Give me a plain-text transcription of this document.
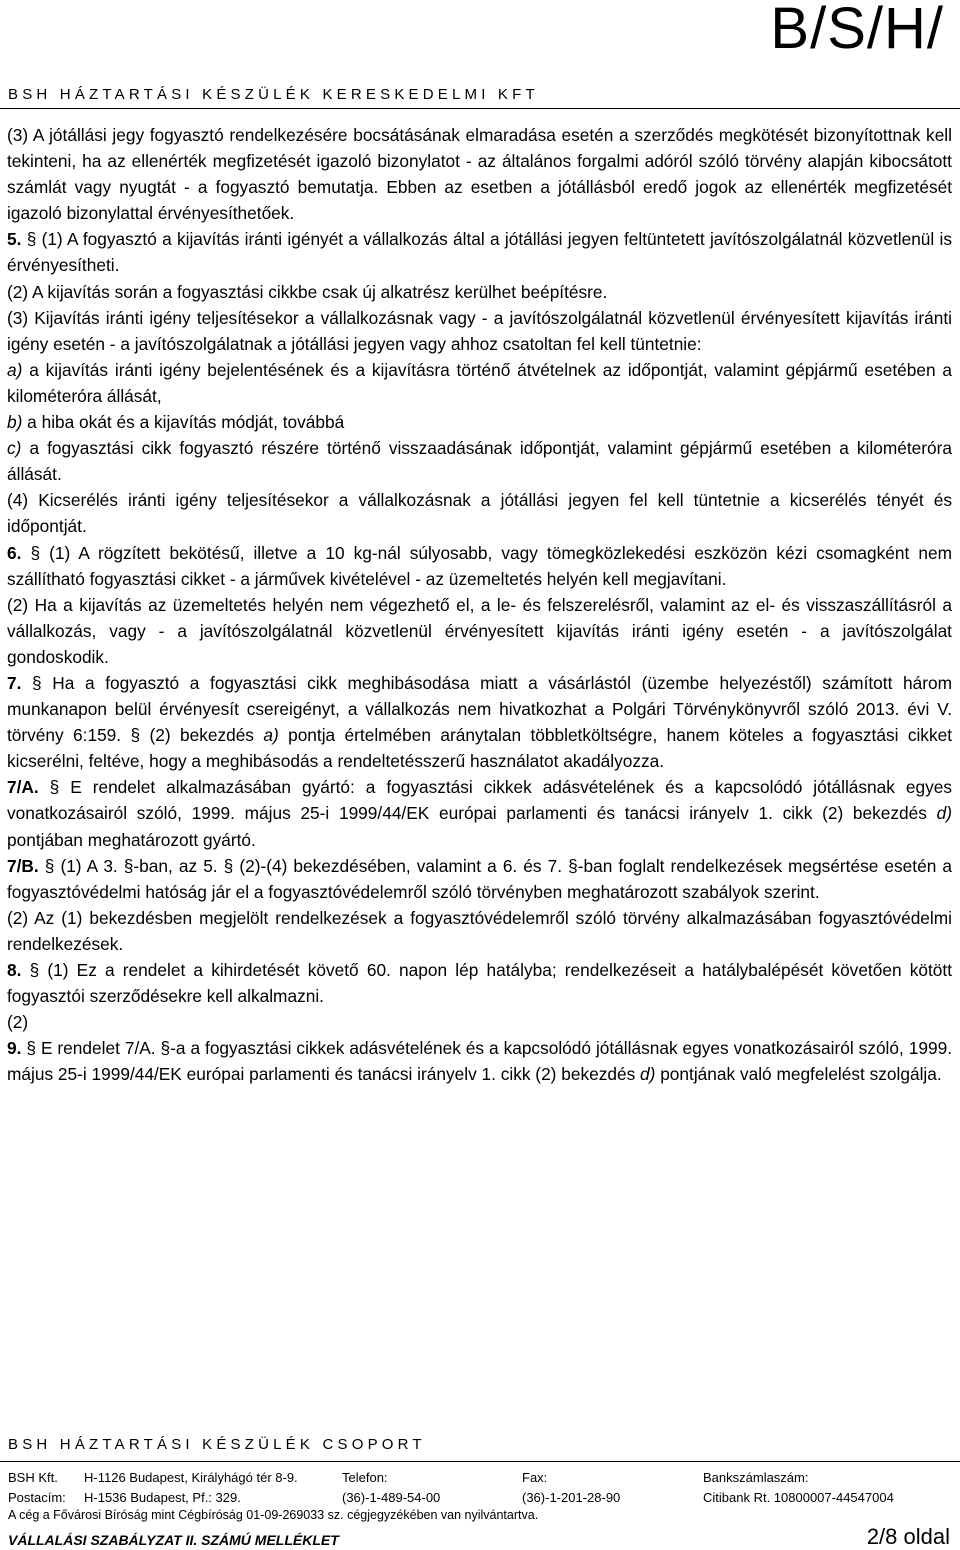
B/S/H/
BSH HÁZTARTÁSI KÉSZÜLÉK KERESKEDELMI KFT

(3) A jótállási jegy fogyasztó rendelkezésére bocsátásának elmaradása esetén a szerződés megkötését bizonyítottnak kell tekinteni, ha az ellenérték megfizetését igazoló bizonylatot - az általános forgalmi adóról szóló törvény alapján kibocsátott számlát vagy nyugtát - a fogyasztó bemutatja. Ebben az esetben a jótállásból eredő jogok az ellenérték megfizetését igazoló bizonylattal érvényesíthetőek.

5. § (1) A fogyasztó a kijavítás iránti igényét a vállalkozás által a jótállási jegyen feltüntetett javítószolgálatnál közvetlenül is érvényesítheti.

(2) A kijavítás során a fogyasztási cikkbe csak új alkatrész kerülhet beépítésre.

(3) Kijavítás iránti igény teljesítésekor a vállalkozásnak vagy - a javítószolgálatnál közvetlenül érvényesített kijavítás iránti igény esetén - a javítószolgálatnak a jótállási jegyen vagy ahhoz csatoltan fel kell tüntetnie:

a) a kijavítás iránti igény bejelentésének és a kijavításra történő átvételnek az időpontját, valamint gépjármű esetében a kilométeróra állását,

b) a hiba okát és a kijavítás módját, továbbá

c) a fogyasztási cikk fogyasztó részére történő visszaadásának időpontját, valamint gépjármű esetében a kilométeróra állását.

(4) Kicserélés iránti igény teljesítésekor a vállalkozásnak a jótállási jegyen fel kell tüntetnie a kicserélés tényét és időpontját.

6. § (1) A rögzített bekötésű, illetve a 10 kg-nál súlyosabb, vagy tömegközlekedési eszközön kézi csomagként nem szállítható fogyasztási cikket - a járművek kivételével - az üzemeltetés helyén kell megjavítani.

(2) Ha a kijavítás az üzemeltetés helyén nem végezhető el, a le- és felszerelésről, valamint az el- és visszaszállításról a vállalkozás, vagy - a javítószolgálatnál közvetlenül érvényesített kijavítás iránti igény esetén - a javítószolgálat gondoskodik.

7. § Ha a fogyasztó a fogyasztási cikk meghibásodása miatt a vásárlástól (üzembe helyezéstől) számított három munkanapon belül érvényesít csereigényt, a vállalkozás nem hivatkozhat a Polgári Törvénykönyvről szóló 2013. évi V. törvény 6:159. § (2) bekezdés a) pontja értelmében aránytalan többletköltségre, hanem köteles a fogyasztási cikket kicserélni, feltéve, hogy a meghibásodás a rendeltetésszerű használatot akadályozza.

7/A. § E rendelet alkalmazásában gyártó: a fogyasztási cikkek adásvételének és a kapcsolódó jótállásnak egyes vonatkozásairól szóló, 1999. május 25-i 1999/44/EK európai parlamenti és tanácsi irányelv 1. cikk (2) bekezdés d) pontjában meghatározott gyártó.

7/B. § (1) A 3. §-ban, az 5. § (2)-(4) bekezdésében, valamint a 6. és 7. §-ban foglalt rendelkezések megsértése esetén a fogyasztóvédelmi hatóság jár el a fogyasztóvédelemről szóló törvényben meghatározott szabályok szerint.

(2) Az (1) bekezdésben megjelölt rendelkezések a fogyasztóvédelemről szóló törvény alkalmazásában fogyasztóvédelmi rendelkezések.

8. § (1) Ez a rendelet a kihirdetését követő 60. napon lép hatályba; rendelkezéseit a hatálybalépését követően kötött fogyasztói szerződésekre kell alkalmazni.

(2)

9. § E rendelet 7/A. §-a a fogyasztási cikkek adásvételének és a kapcsolódó jótállásnak egyes vonatkozásairól szóló, 1999. május 25-i 1999/44/EK európai parlamenti és tanácsi irányelv 1. cikk (2) bekezdés d) pontjának való megfelelést szolgálja.

BSH HÁZTARTÁSI KÉSZÜLÉK CSOPORT
BSH Kft. H-1126 Budapest, Királyhágó tér 8-9.	Telefon:	Fax:	Bankszámlaszám:
Postacím: H-1536 Budapest, Pf.: 329.	(36)-1-489-54-00	(36)-1-201-28-90	Citibank Rt. 10800007-44547004
A cég a Fővárosi Bíróság mint Cégbíróság 01-09-269033 sz. cégjegyzékében van nyilvántartva.
VÁLLALÁSI SZABÁLYZAT II. SZÁMÚ MELLÉKLET	2/8 oldal
